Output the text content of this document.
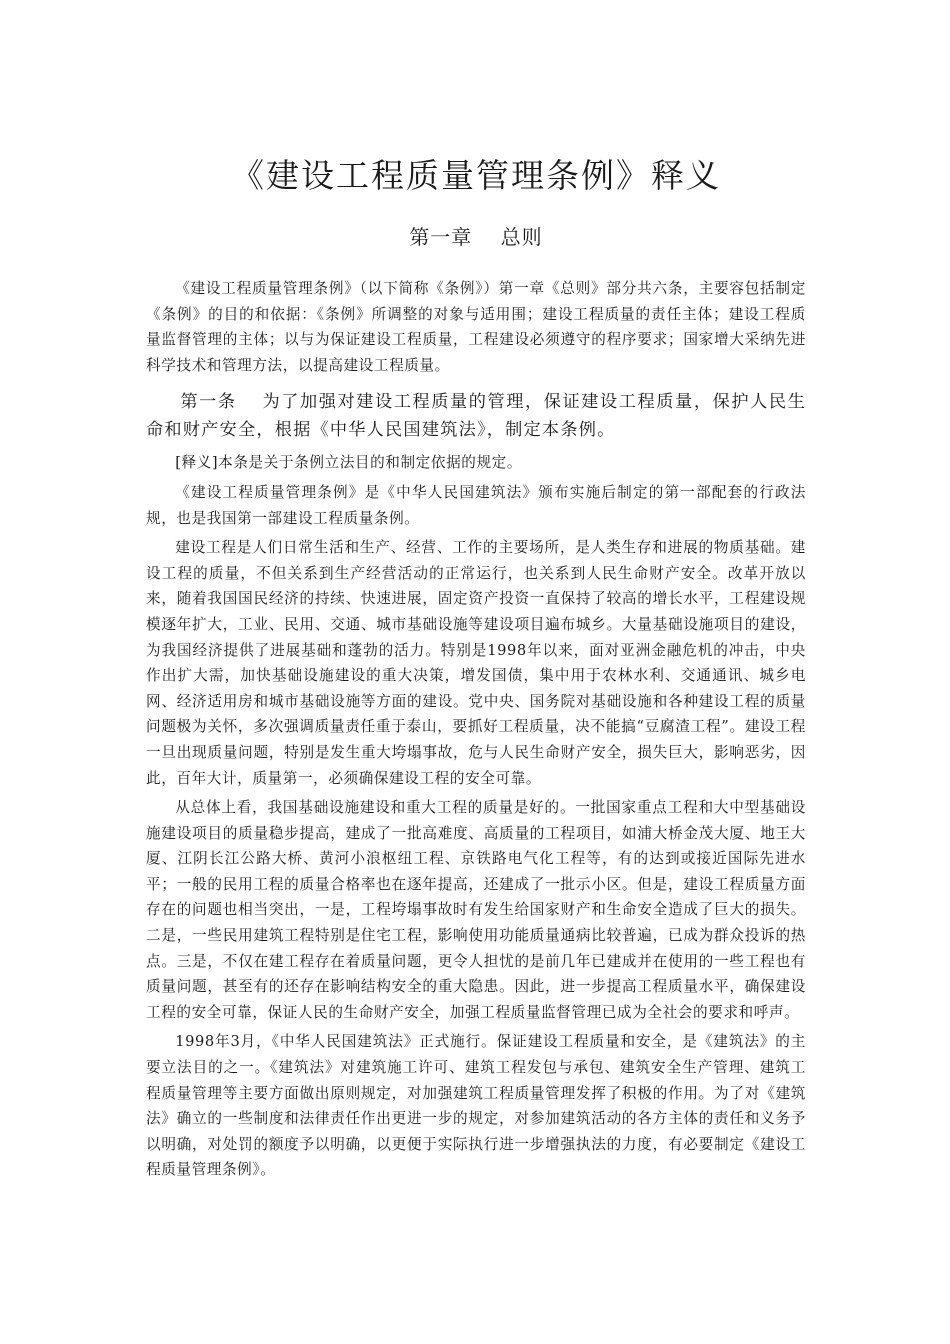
《建设工程质量管理条例》释义
第一章　 总则

《建设工程质量管理条例》（以下简称《条例》）第一章《总则》部分共六条，主要容包括制定《条例》的目的和依据：《条例》所调整的对象与适用围；建设工程质量的责任主体；建设工程质量监督管理的主体；以与为保证建设工程质量，工程建设必须遵守的程序要求；国家增大采纳先进科学技术和管理方法，以提高建设工程质量。

第一条　 为了加强对建设工程质量的管理，保证建设工程质量，保护人民生命和财产安全，根据《中华人民国建筑法》，制定本条例。

[释义]本条是关于条例立法目的和制定依据的规定。

《建设工程质量管理条例》是《中华人民国建筑法》颁布实施后制定的第一部配套的行政法规，也是我国第一部建设工程质量条例。

建设工程是人们日常生活和生产、经营、工作的主要场所，是人类生存和进展的物质基础。建设工程的质量，不但关系到生产经营活动的正常运行，也关系到人民生命财产安全。改革开放以来，随着我国国民经济的持续、快速进展，固定资产投资一直保持了较高的增长水平，工程建设规模逐年扩大，工业、民用、交通、城市基础设施等建设项目遍布城乡。大量基础设施项目的建设，为我国经济提供了进展基础和蓬勃的活力。特别是1998年以来，面对亚洲金融危机的冲击，中央作出扩大需，加快基础设施建设的重大决策，增发国债，集中用于农林水利、交通通讯、城乡电网、经济适用房和城市基础设施等方面的建设。党中央、国务院对基础设施和各种建设工程的质量问题极为关怀，多次强调质量责任重于泰山，要抓好工程质量，决不能搞“豆腐渣工程”。建设工程一旦出现质量问题，特别是发生重大垮塌事故，危与人民生命财产安全，损失巨大，影响恶劣，因此，百年大计，质量第一，必须确保建设工程的安全可靠。

从总体上看，我国基础设施建设和重大工程的质量是好的。一批国家重点工程和大中型基础设施建设项目的质量稳步提高，建成了一批高难度、高质量的工程项目，如浦大桥金茂大厦、地王大厦、江阴长江公路大桥、黄河小浪枢纽工程、京铁路电气化工程等，有的达到或接近国际先进水平；一般的民用工程的质量合格率也在逐年提高，还建成了一批示小区。但是，建设工程质量方面存在的问题也相当突出，一是，工程垮塌事故时有发生给国家财产和生命安全造成了巨大的损失。二是，一些民用建筑工程特别是住宅工程，影响使用功能质量通病比较普遍，已成为群众投诉的热点。三是，不仅在建工程存在着质量问题，更令人担忧的是前几年已建成并在使用的一些工程也有质量问题，甚至有的还存在影响结构安全的重大隐患。因此，进一步提高工程质量水平，确保建设工程的安全可靠，保证人民的生命财产安全，加强工程质量监督管理已成为全社会的要求和呼声。

1998年3月，《中华人民国建筑法》正式施行。保证建设工程质量和安全，是《建筑法》的主要立法目的之一。《建筑法》对建筑施工许可、建筑工程发包与承包、建筑安全生产管理、建筑工程质量管理等主要方面做出原则规定，对加强建筑工程质量管理发挥了积极的作用。为了对《建筑法》确立的一些制度和法律责任作出更进一步的规定，对参加建筑活动的各方主体的责任和义务予以明确，对处罚的额度予以明确，以更便于实际执行进一步增强执法的力度，有必要制定《建设工程质量管理条例》。
